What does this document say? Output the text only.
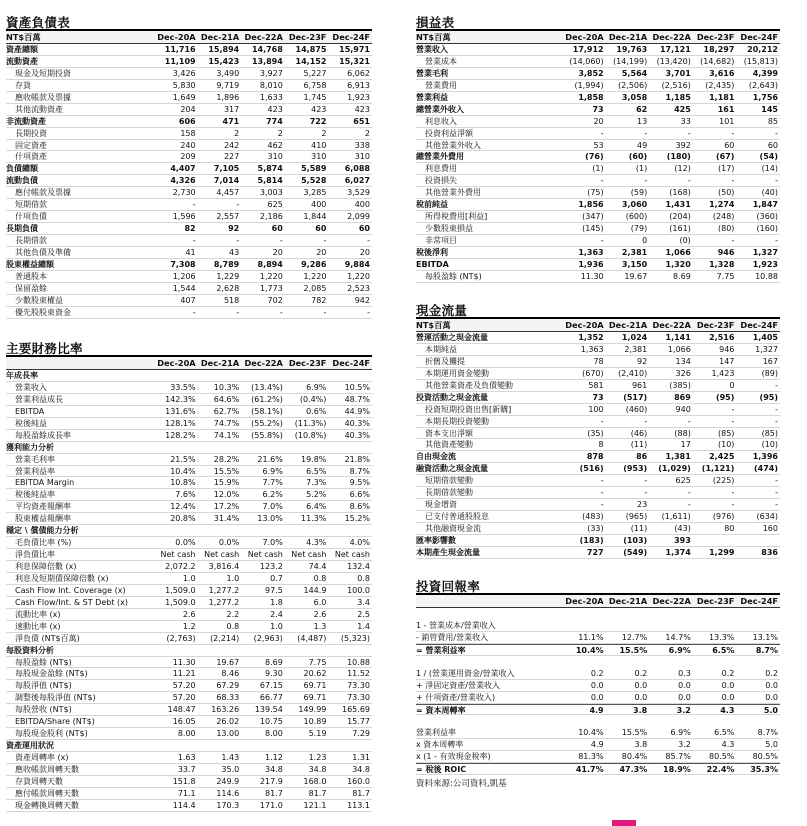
資產負債表
NT$百萬	Dec-20A Dec-21A Dec-22A Dec-23F Dec-24F
資產總額	11,716	15,894	14,768	14,875	15,971
流動資產	11,109	15,423	13,894	14,152	15,321
現金及短期投資	3,426	3,490	3,927	5,227	6,062
存貨	5,830	9,719	8,010	6,758	6,913
應收帳款及票據	1,649	1,896	1,633	1,745	1,923
其他流動資產	204	317	423	423	423
非流動資產	606	471	774	722	651
長期投資	158	2	2	2	2
固定資產	240	242	462	410	338
什項資產	209	227	310	310	310
負債總額	4,407	7,105	5,874	5,589	6,088
流動負債	4,326	7,014	5,814	5,528	6,027
應付帳款及票據	2,730	4,457	3,003	3,285	3,529
短期借款	-	-	625	400	400
什項負債	1,596	2,557	2,186	1,844	2,099
長期負債	82	92	60	60	60
長期借款	-	-	-	-	-
其他負債及準備	41	43	20	20	20
股東權益總額	7,308	8,789	8,894	9,286	9,884
普通股本	1,206	1,229	1,220	1,220	1,220
保留盈餘	1,544	2,628	1,773	2,085	2,523
少數股東權益	407	518	702	782	942
優先股股東資金	-	-	-	-	-
主要財務比率
Dec-20A Dec-21A Dec-22A Dec-23F Dec-24F
年成長率
營業收入	33.5%	10.3%	(13.4%)	6.9%	10.5%
營業利益成長	142.3%	64.6%	(61.2%)	(0.4%)	48.7%
EBITDA	131.6%	62.7%	(58.1%)	0.6%	44.9%
稅後純益	128.1%	74.7%	(55.2%)	(11.3%)	40.3%
每股盈餘成長率	128.2%	74.1%	(55.8%)	(10.8%)	40.3%
獲利能力分析
營業毛利率	21.5%	28.2%	21.6%	19.8%	21.8%
營業利益率	10.4%	15.5%	6.9%	6.5%	8.7%
EBITDA Margin	10.8%	15.9%	7.7%	7.3%	9.5%
稅後純益率	7.6%	12.0%	6.2%	5.2%	6.6%
平均資產報酬率	12.4%	17.2%	7.0%	6.4%	8.6%
股東權益報酬率	20.8%	31.4%	13.0%	11.3%	15.2%
穩定 \ 償債能力分析
毛負債比率 (%)	0.0%	0.0%	7.0%	4.3%	4.0%
淨負債比率	Net cash	Net cash	Net cash	Net cash	Net cash
利息保障倍數 (x)	2,072.2	3,816.4	123.2	74.4	132.4
利息及短期債保障倍數 (x)	1.0	1.0	0.7	0.8	0.8
Cash Flow Int. Coverage (x)	1,509.0	1,277.2	97.5	144.9	100.0
Cash Flow/Int. & ST Debt (x)	1,509.0	1,277.2	1.8	6.0	3.4
流動比率 (x)	2.6	2.2	2.4	2.6	2.5
速動比率 (x)	1.2	0.8	1.0	1.3	1.4
淨負債 (NT$百萬)	(2,763)	(2,214)	(2,963)	(4,487)	(5,323)
每股資料分析
每股盈餘 (NT$)	11.30	19.67	8.69	7.75	10.88
每股現金盈餘 (NT$)	11.21	8.46	9.30	20.62	11.52
每股淨值 (NT$)	57.20	67.29	67.15	69.71	73.30
調整後每股淨值 (NT$)	57.20	68.33	66.77	69.71	73.30
每股營收 (NT$)	148.47	163.26	139.54	149.99	165.69
EBITDA/Share (NT$)	16.05	26.02	10.75	10.89	15.77
每股現金股利 (NT$)	8.00	13.00	8.00	5.19	7.29
資產運用狀況
資產周轉率 (x)	1.63	1.43	1.12	1.23	1.31
應收帳款周轉天數	33.7	35.0	34.8	34.8	34.8
存貨周轉天數	151.8	249.9	217.9	168.0	160.0
應付帳款周轉天數	71.1	114.6	81.7	81.7	81.7
現金轉換周轉天數	114.4	170.3	171.0	121.1	113.1
損益表
NT$百萬	Dec-20A Dec-21A Dec-22A Dec-23F Dec-24F
營業收入	17,912	19,763	17,121	18,297	20,212
營業成本	(14,060)	(14,199)	(13,420)	(14,682)	(15,813)
營業毛利	3,852	5,564	3,701	3,616	4,399
營業費用	(1,994)	(2,506)	(2,516)	(2,435)	(2,643)
營業利益	1,858	3,058	1,185	1,181	1,756
總營業外收入	73	62	425	161	145
利息收入	20	13	33	101	85
投資利益淨額	-	-	-	-	-
其他營業外收入	53	49	392	60	60
總營業外費用	(76)	(60)	(180)	(67)	(54)
利息費用	(1)	(1)	(12)	(17)	(14)
投資損失	-	-	-	-	-
其他營業外費用	(75)	(59)	(168)	(50)	(40)
稅前純益	1,856	3,060	1,431	1,274	1,847
所得稅費用[利益]	(347)	(600)	(204)	(248)	(360)
少數股東損益	(145)	(79)	(161)	(80)	(160)
非常項目	-	0	(0)	-	-
稅後淨利	1,363	2,381	1,066	946	1,327
EBITDA	1,936	3,150	1,320	1,328	1,923
每股盈餘 (NT$)	11.30	19.67	8.69	7.75	10.88
現金流量
NT$百萬	Dec-20A Dec-21A Dec-22A Dec-23F Dec-24F
營運活動之現金流量	1,352	1,024	1,141	2,516	1,405
本期純益	1,363	2,381	1,066	946	1,327
折舊及攤提	78	92	134	147	167
本期運用資金變動	(670)	(2,410)	326	1,423	(89)
其他營業資產及負債變動	581	961	(385)	0	-
投資活動之現金流量	73	(517)	869	(95)	(95)
投資短期投資出售[新購]	100	(460)	940	-	-
本期長期投資變動	-	-	-	-	-
資本支出淨額	(35)	(46)	(88)	(85)	(85)
其他資產變動	8	(11)	17	(10)	(10)
自由現金流	878	86	1,381	2,425	1,396
融資活動之現金流量	(516)	(953)	(1,029)	(1,121)	(474)
短期借款變動	-	-	625	(225)	-
長期借款變動	-	-	-	-	-
現金增資	-	23	-	-	-
已支付普通股股息	(483)	(965)	(1,611)	(976)	(634)
其他融資現金流	(33)	(11)	(43)	80	160
匯率影響數	(183)	(103)	393
本期產生現金流量	727	(549)	1,374	1,299	836
投資回報率
Dec-20A Dec-21A Dec-22A Dec-23F Dec-24F
1 - 營業成本/營業收入
- 銷管費用/營業收入	11.1%	12.7%	14.7%	13.3%	13.1%
= 營業利益率	10.4%	15.5%	6.9%	6.5%	8.7%
1 / (營業運用資金/營業收入	0.2	0.2	0.3	0.2	0.2
+ 淨固定資產/營業收入	0.0	0.0	0.0	0.0	0.0
+ 什項資產/營業收入)	0.0	0.0	0.0	0.0	0.0
= 資本周轉率	4.9	3.8	3.2	4.3	5.0
營業利益率	10.4%	15.5%	6.9%	6.5%	8.7%
x 資本周轉率	4.9	3.8	3.2	4.3	5.0
x (1 - 有效現金稅率)	81.3%	80.4%	85.7%	80.5%	80.5%
= 稅後 ROIC	41.7%	47.3%	18.9%	22.4%	35.3%
資料來源:公司資料,凱基
